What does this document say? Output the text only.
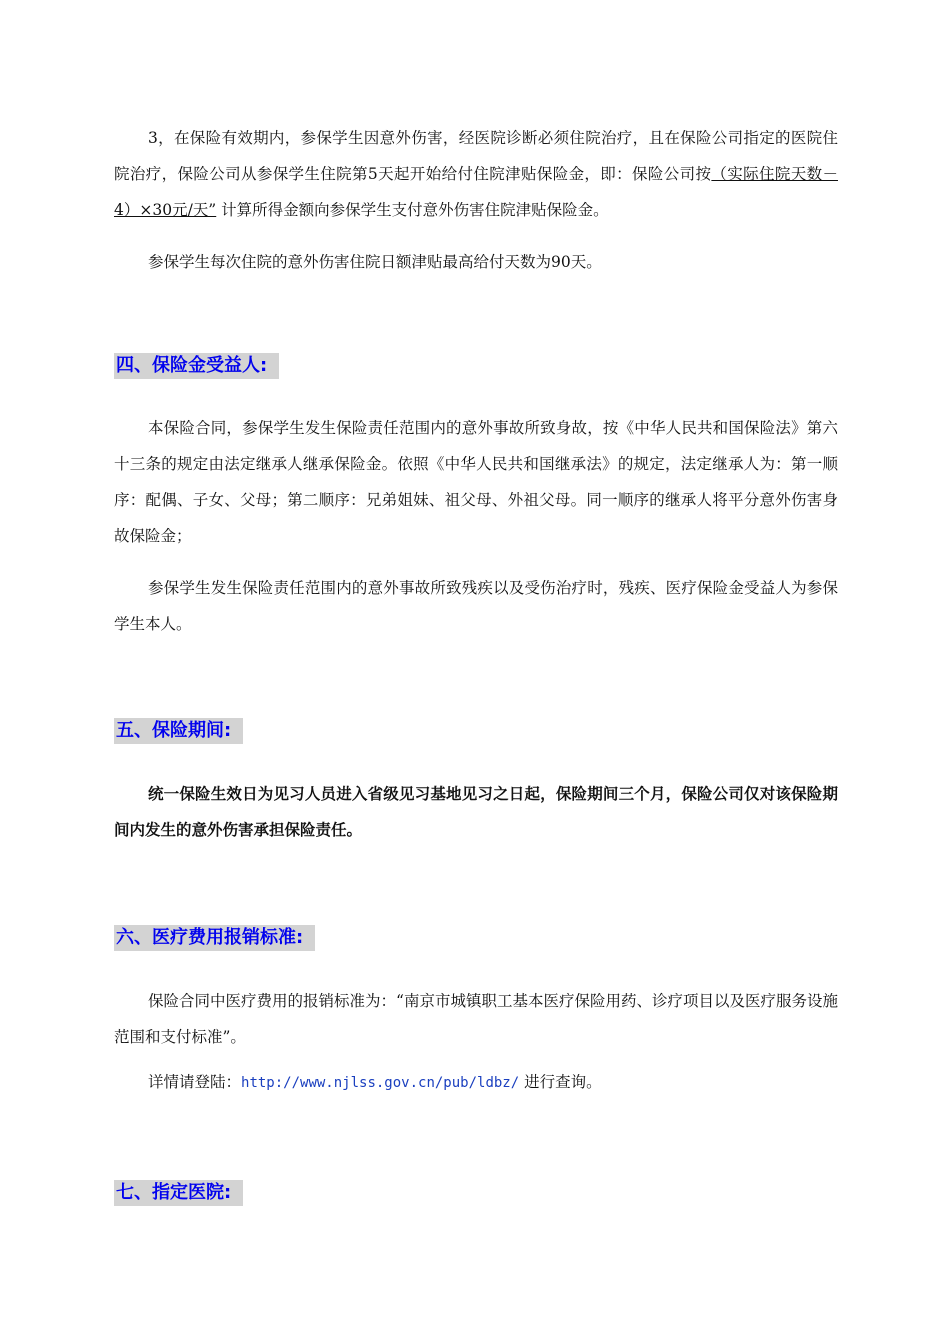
3，在保险有效期内，参保学生因意外伤害，经医院诊断必须住院治疗，且在保险公司指定的医院住院治疗，保险公司从参保学生住院第5天起开始给付住院津贴保险金，即：保险公司按（实际住院天数－4）×30元/天” 计算所得金额向参保学生支付意外伤害住院津贴保险金。

参保学生每次住院的意外伤害住院日额津贴最高给付天数为90天。

四、保险金受益人:

本保险合同，参保学生发生保险责任范围内的意外事故所致身故，按《中华人民共和国保险法》第六十三条的规定由法定继承人继承保险金。依照《中华人民共和国继承法》的规定，法定继承人为：第一顺序：配偶、子女、父母；第二顺序：兄弟姐妹、祖父母、外祖父母。同一顺序的继承人将平分意外伤害身故保险金；

参保学生发生保险责任范围内的意外事故所致残疾以及受伤治疗时，残疾、医疗保险金受益人为参保学生本人。

五、保险期间:

统一保险生效日为见习人员进入省级见习基地见习之日起，保险期间三个月，保险公司仅对该保险期间内发生的意外伤害承担保险责任。

六、医疗费用报销标准:

保险合同中医疗费用的报销标准为：“南京市城镇职工基本医疗保险用药、诊疗项目以及医疗服务设施范围和支付标准”。

详情请登陆：http://www.njlss.gov.cn/pub/ldbz/ 进行查询。

七、指定医院:
